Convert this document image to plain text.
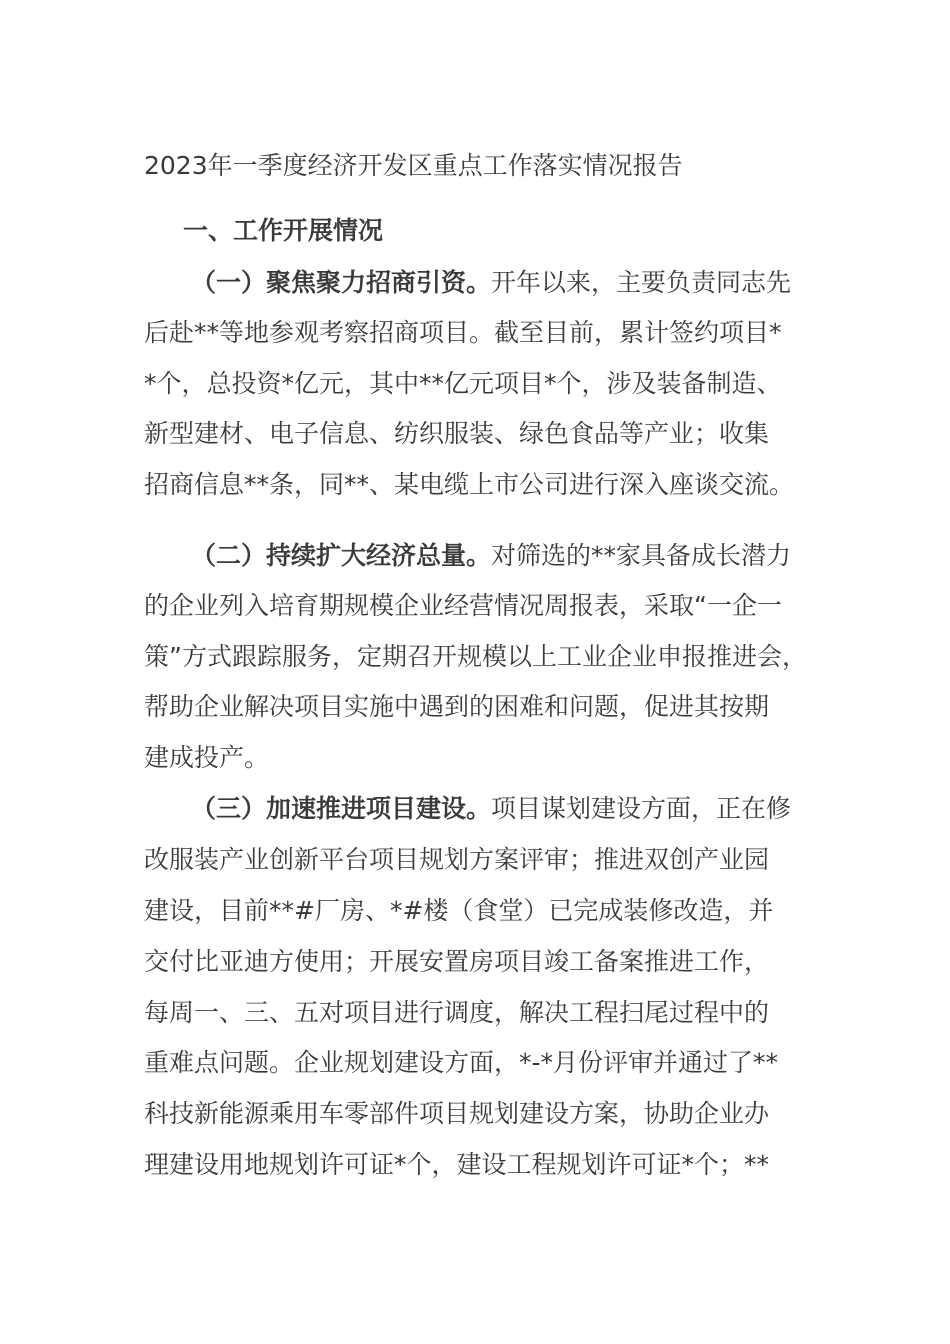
2023年一季度经济开发区重点工作落实情况报告
一、工作开展情况
（一）聚焦聚力招商引资。开年以来，主要负责同志先
后赴**等地参观考察招商项目。截至目前，累计签约项目*
*个，总投资*亿元，其中**亿元项目*个，涉及装备制造、
新型建材、电子信息、纺织服装、绿色食品等产业；收集
招商信息**条，同**、某电缆上市公司进行深入座谈交流。
（二）持续扩大经济总量。对筛选的**家具备成长潜力
的企业列入培育期规模企业经营情况周报表，采取“一企一
策”方式跟踪服务，定期召开规模以上工业企业申报推进会，
帮助企业解决项目实施中遇到的困难和问题，促进其按期
建成投产。
（三）加速推进项目建设。项目谋划建设方面，正在修
改服装产业创新平台项目规划方案评审；推进双创产业园
建设，目前**#厂房、*#楼（食堂）已完成装修改造，并
交付比亚迪方使用；开展安置房项目竣工备案推进工作，
每周一、三、五对项目进行调度，解决工程扫尾过程中的
重难点问题。企业规划建设方面，*-*月份评审并通过了**
科技新能源乘用车零部件项目规划建设方案，协助企业办
理建设用地规划许可证*个，建设工程规划许可证*个；**
